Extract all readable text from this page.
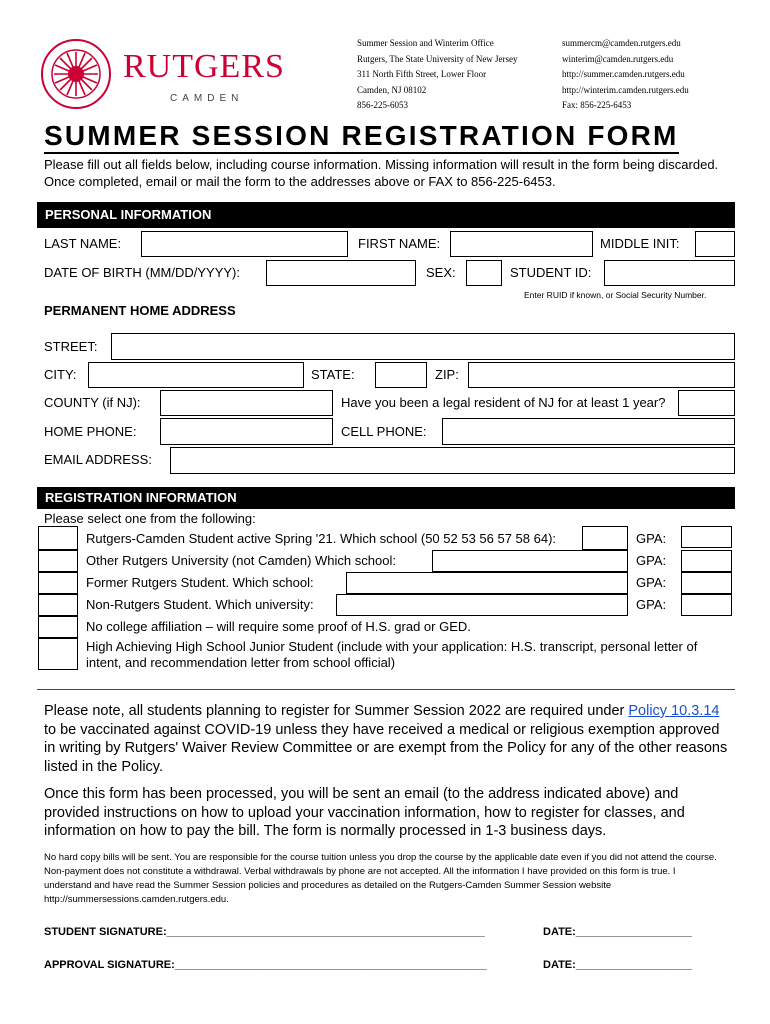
RUTGERS
CAMDEN
Summer Session and Winterim Office
Rutgers, The State University of New Jersey
311 North Fifth Street, Lower Floor
Camden, NJ 08102
856-225-6053
summercm@camden.rutgers.edu
winterim@camden.rutgers.edu
http://summer.camden.rutgers.edu
http://winterim.camden.rutgers.edu
Fax: 856-225-6453
SUMMER SESSION REGISTRATION FORM
Please fill out all fields below, including course information. Missing information will result in the form being discarded. Once completed, email or mail the form to the addresses above or FAX to 856-225-6453.
PERSONAL INFORMATION
LAST NAME:	FIRST NAME:	MIDDLE INIT:
DATE OF BIRTH (MM/DD/YYYY):	SEX:	STUDENT ID:
Enter RUID if known, or Social Security Number.
PERMANENT HOME ADDRESS
STREET:
CITY:	STATE:	ZIP:
COUNTY (if NJ):	Have you been a legal resident of NJ for at least 1 year?
HOME PHONE:	CELL PHONE:
EMAIL ADDRESS:
REGISTRATION INFORMATION
Please select one from the following:
Rutgers-Camden Student active Spring '21. Which school (50 52 53 56 57 58 64):	GPA:
Other Rutgers University (not Camden) Which school:	GPA:
Former Rutgers Student. Which school:	GPA:
Non-Rutgers Student. Which university:	GPA:
No college affiliation – will require some proof of H.S. grad or GED.
High Achieving High School Junior Student (include with your application: H.S. transcript, personal letter of intent, and recommendation letter from school official)
Please note, all students planning to register for Summer Session 2022 are required under Policy 10.3.14 to be vaccinated against COVID-19 unless they have received a medical or religious exemption approved in writing by Rutgers' Waiver Review Committee or are exempt from the Policy for any of the other reasons listed in the Policy.
Once this form has been processed, you will be sent an email (to the address indicated above) and provided instructions on how to upload your vaccination information, how to register for classes, and information on how to pay the bill. The form is normally processed in 1-3 business days.
No hard copy bills will be sent. You are responsible for the course tuition unless you drop the course by the applicable date even if you did not attend the course. Non-payment does not constitute a withdrawal. Verbal withdrawals by phone are not accepted. All the information I have provided on this form is true. I understand and have read the Summer Session policies and procedures as detailed on the Rutgers-Camden Summer Session website http://summersessions.camden.rutgers.edu.
STUDENT SIGNATURE:____________________________________________________	DATE:___________________
APPROVAL SIGNATURE:___________________________________________________	DATE:___________________
